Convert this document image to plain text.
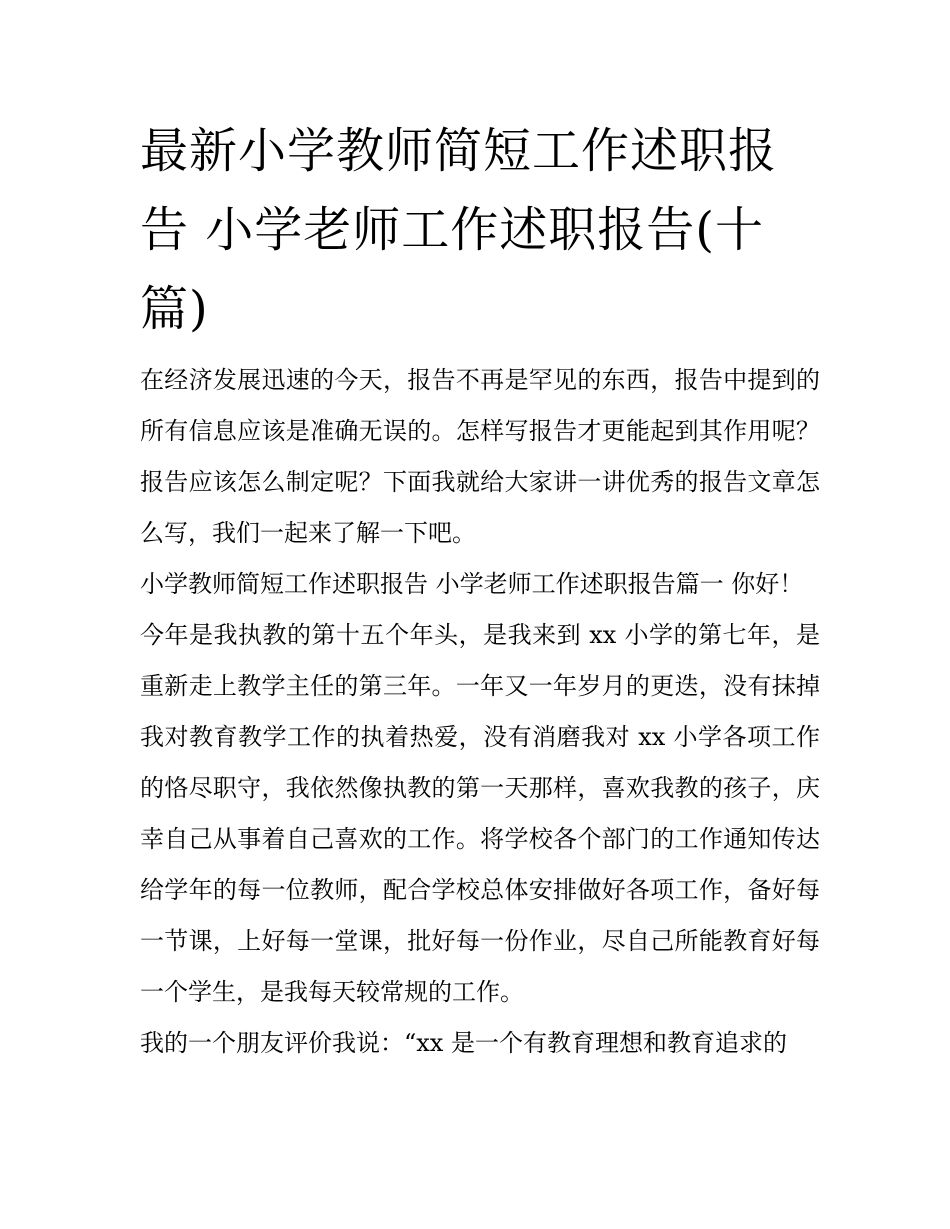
最新小学教师简短工作述职报告 小学老师工作述职报告(十篇)

在经济发展迅速的今天，报告不再是罕见的东西，报告中提到的所有信息应该是准确无误的。怎样写报告才更能起到其作用呢？报告应该怎么制定呢？下面我就给大家讲一讲优秀的报告文章怎么写，我们一起来了解一下吧。

小学教师简短工作述职报告 小学老师工作述职报告篇一 你好！

今年是我执教的第十五个年头，是我来到 xx 小学的第七年，是重新走上教学主任的第三年。一年又一年岁月的更迭，没有抹掉我对教育教学工作的执着热爱，没有消磨我对 xx 小学各项工作的恪尽职守，我依然像执教的第一天那样，喜欢我教的孩子，庆幸自己从事着自己喜欢的工作。将学校各个部门的工作通知传达给学年的每一位教师，配合学校总体安排做好各项工作，备好每一节课，上好每一堂课，批好每一份作业，尽自己所能教育好每一个学生，是我每天较常规的工作。

我的一个朋友评价我说：“xx 是一个有教育理想和教育追求的
